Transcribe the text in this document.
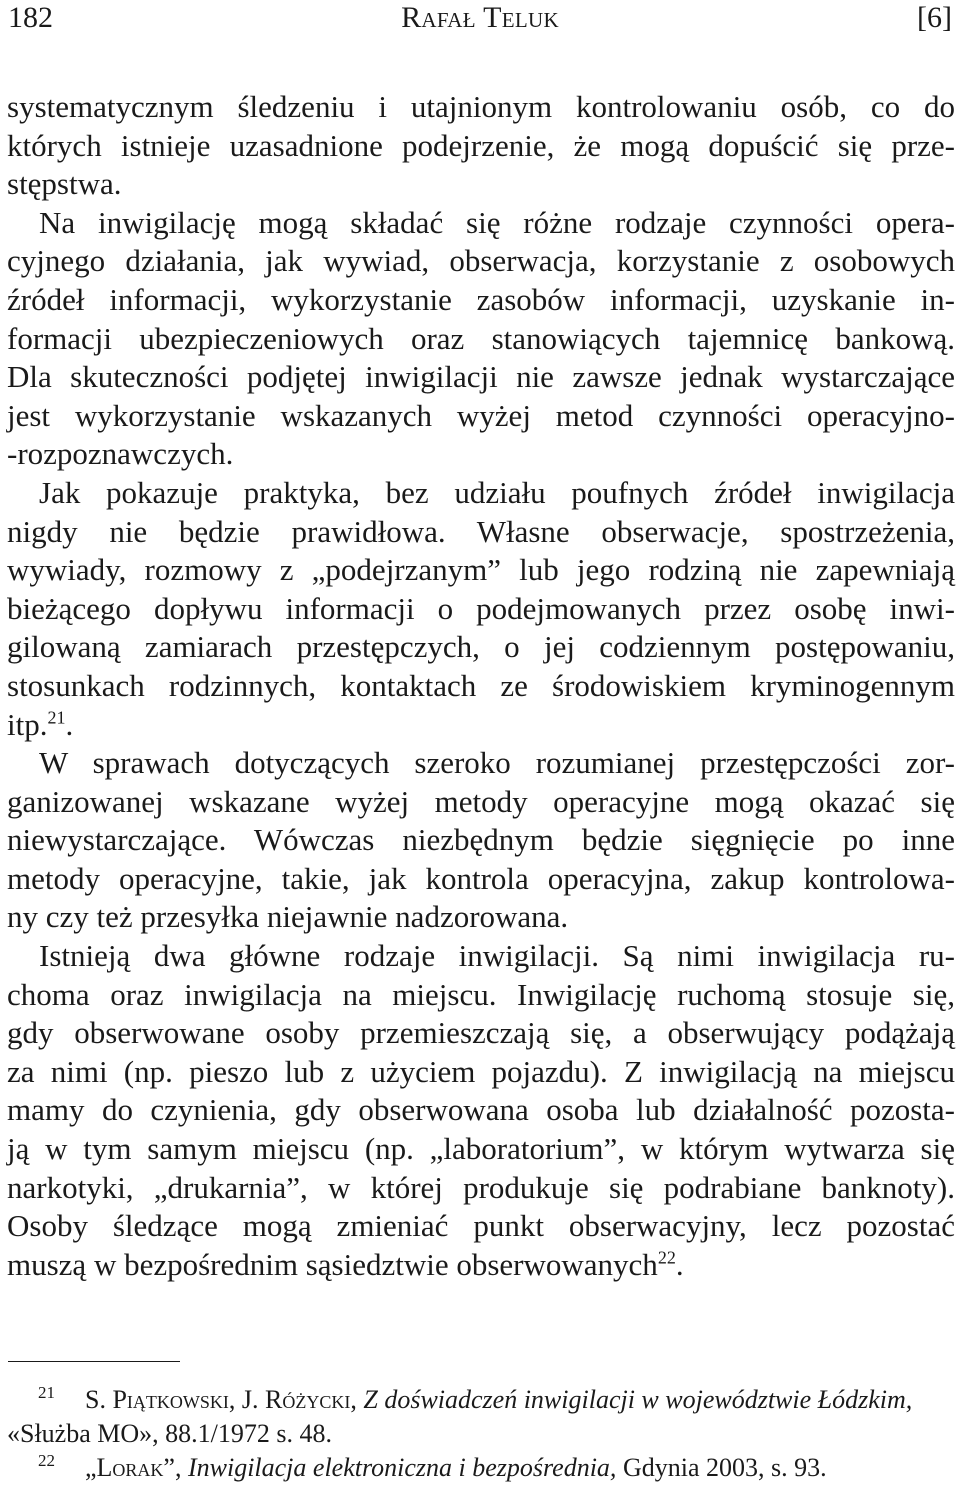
182	Rafał Teluk	[6]
systematycznym śledzeniu i utajnionym kontrolowaniu osób, co do
których istnieje uzasadnione podejrzenie, że mogą dopuścić się prze-
stępstwa.
Na inwigilację mogą składać się różne rodzaje czynności opera-
cyjnego działania, jak wywiad, obserwacja, korzystanie z osobowych
źródeł informacji, wykorzystanie zasobów informacji, uzyskanie in-
formacji ubezpieczeniowych oraz stanowiących tajemnicę bankową.
Dla skuteczności podjętej inwigilacji nie zawsze jednak wystarczające
jest wykorzystanie wskazanych wyżej metod czynności operacyjno-
-rozpoznawczych.
Jak pokazuje praktyka, bez udziału poufnych źródeł inwigilacja
nigdy nie będzie prawidłowa. Własne obserwacje, spostrzeżenia,
wywiady, rozmowy z „podejrzanym” lub jego rodziną nie zapewniają
bieżącego dopływu informacji o podejmowanych przez osobę inwi-
gilowaną zamiarach przestępczych, o jej codziennym postępowaniu,
stosunkach rodzinnych, kontaktach ze środowiskiem kryminogennym
itp.$^{21}$.
W sprawach dotyczących szeroko rozumianej przestępczości zor-
ganizowanej wskazane wyżej metody operacyjne mogą okazać się
niewystarczające. Wówczas niezbędnym będzie sięgnięcie po inne
metody operacyjne, takie, jak kontrola operacyjna, zakup kontrolowa-
ny czy też przesyłka niejawnie nadzorowana.
Istnieją dwa główne rodzaje inwigilacji. Są nimi inwigilacja ru-
choma oraz inwigilacja na miejscu. Inwigilację ruchomą stosuje się,
gdy obserwowane osoby przemieszczają się, a obserwujący podążają
za nimi (np. pieszo lub z użyciem pojazdu). Z inwigilacją na miejscu
mamy do czynienia, gdy obserwowana osoba lub działalność pozosta-
ją w tym samym miejscu (np. „laboratorium”, w którym wytwarza się
narkotyki, „drukarnia”, w której produkuje się podrabiane banknoty).
Osoby śledzące mogą zmieniać punkt obserwacyjny, lecz pozostać
muszą w bezpośrednim sąsiedztwie obserwowanych$^{22}$.
21 S. Piątkowski, J. Różycki, Z doświadczeń inwigilacji w województwie Łódzkim,
«Służba MO», 88.1/1972 s. 48.
22 „Lorak”, Inwigilacja elektroniczna i bezpośrednia, Gdynia 2003, s. 93.
